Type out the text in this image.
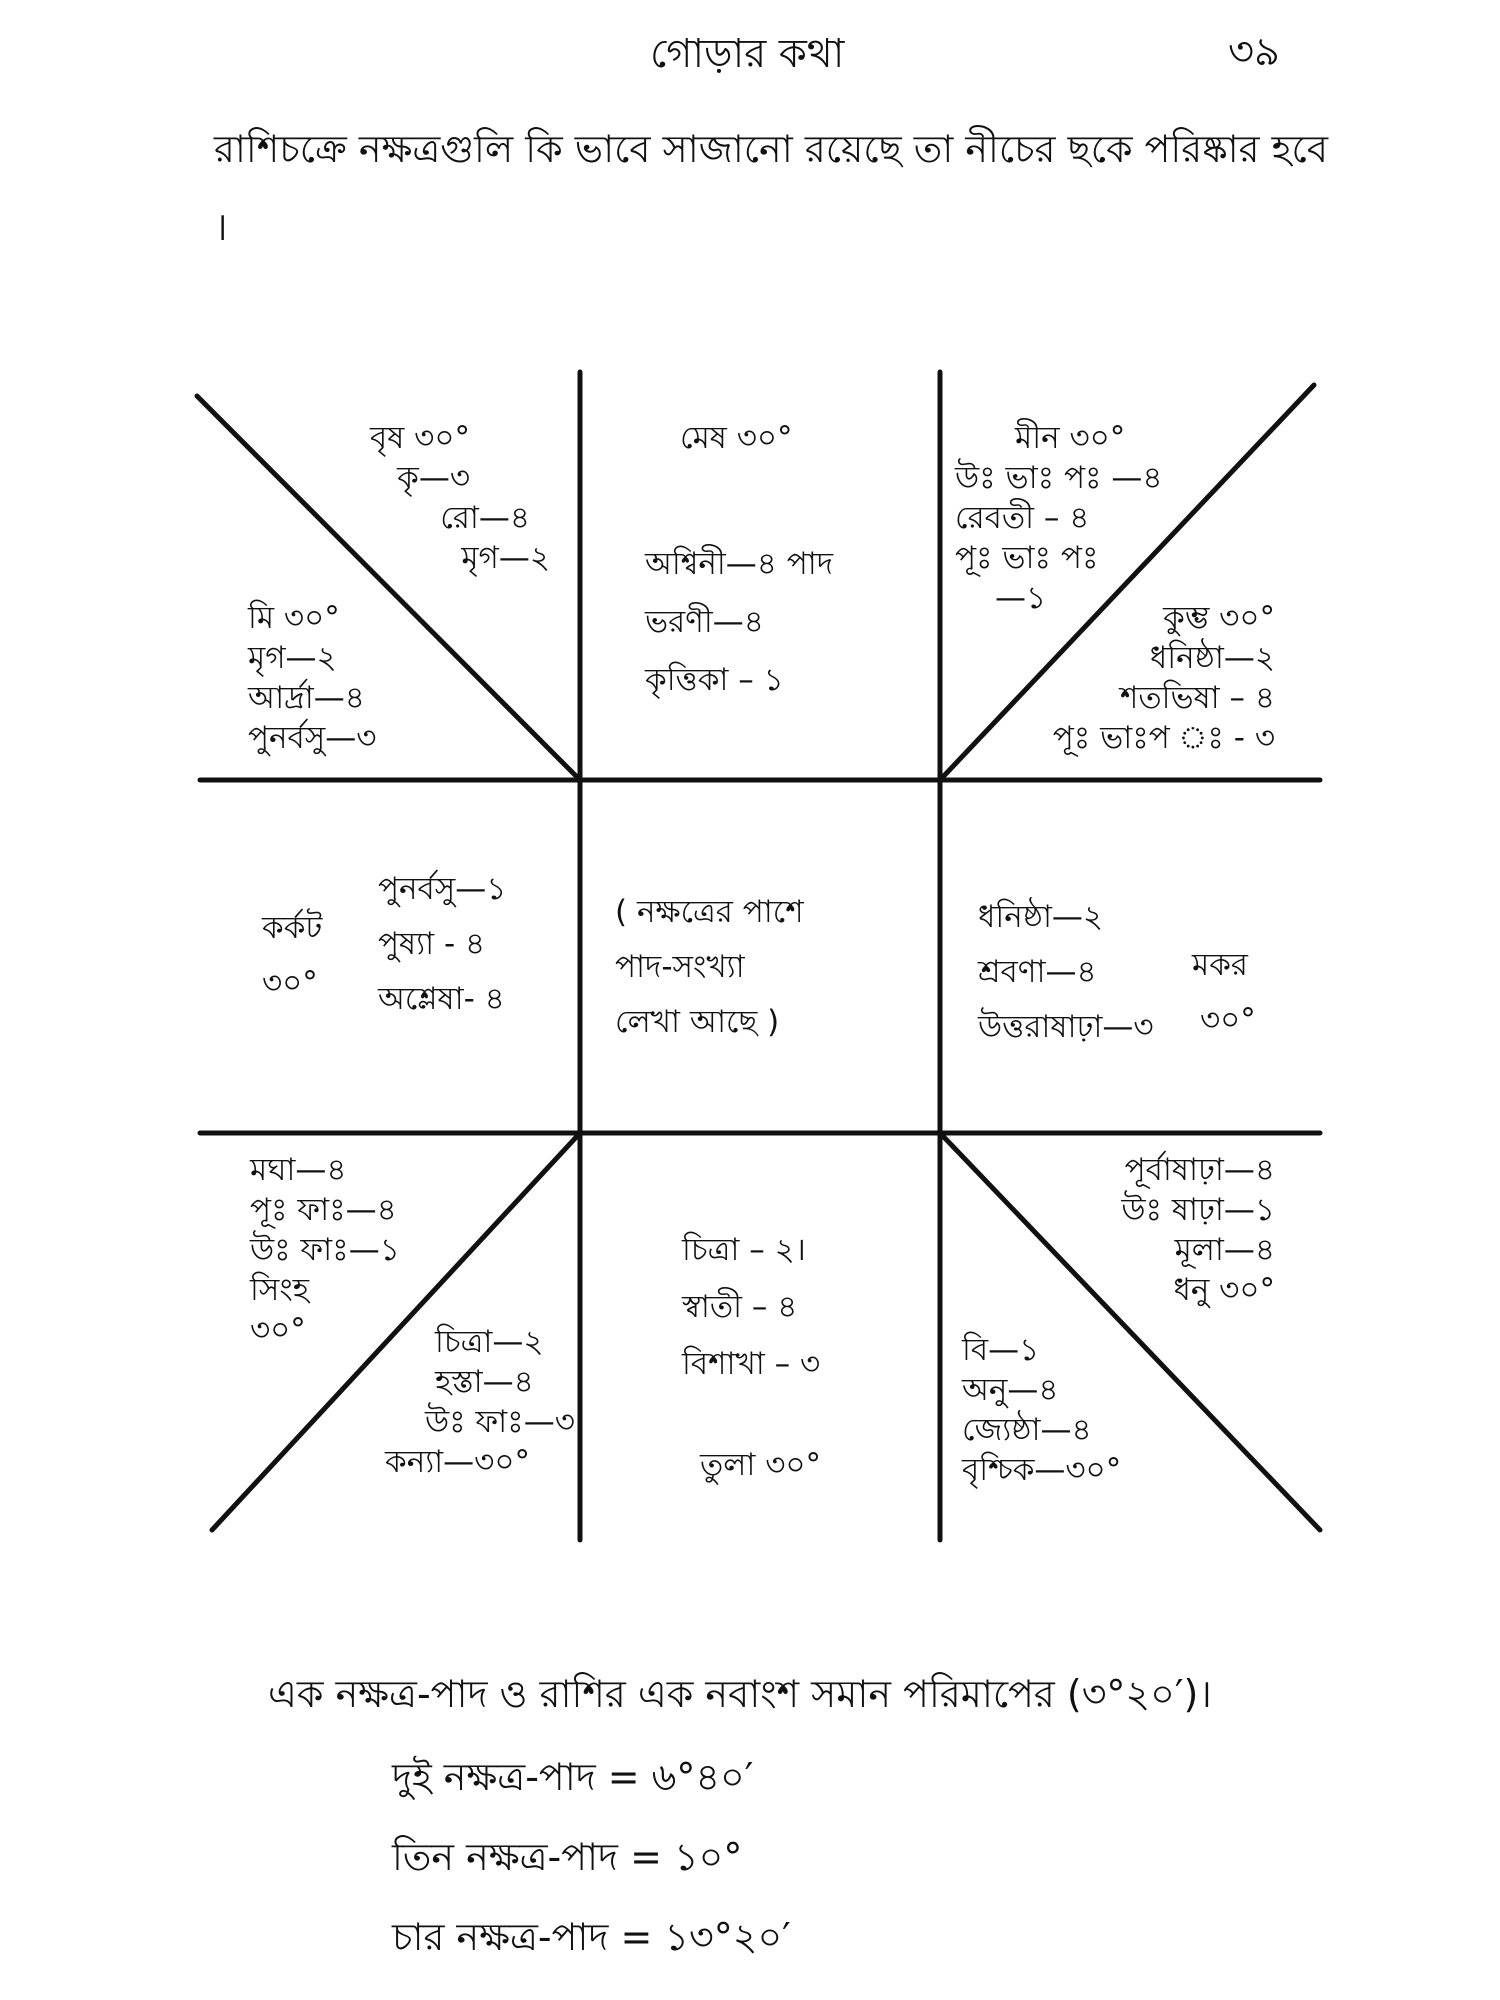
গোড়ার কথা	৩৯
রাশিচক্রে নক্ষত্রগুলি কি ভাবে সাজানো রয়েছে তা নীচের ছকে পরিষ্কার হবে ।
বৃষ ৩০°
কৃ—৩
রো—৪
মৃগ—২
মেষ ৩০°
অশ্বিনী—৪ পাদ
ভরণী—৪
কৃত্তিকা – ১
মীন ৩০°
উঃ ভাঃ পঃ —৪
রেবতী – ৪
পূঃ ভাঃ পঃ
—১
মি ৩০°
মৃগ—২
আর্দ্রা—৪
পুনর্বসু—৩
কুম্ভ ৩০°
ধনিষ্ঠা—২
শতভিষা – ৪
পূঃ ভাঃপ ঃ - ৩
কর্কট
৩০°
পুনর্বসু—১
পুষ্যা - ৪
অশ্লেষা- ৪
( নক্ষত্রের পাশে
পাদ-সংখ্যা
লেখা আছে )
ধনিষ্ঠা—২
শ্রবণা—৪
উত্তরাষাঢ়া—৩
মকর
৩০°
মঘা—৪
পূঃ ফাঃ—৪
উঃ ফাঃ—১
সিংহ
৩০°	চিত্রা—২
হস্তা—৪
উঃ ফাঃ—৩
কন্যা—৩০°
চিত্রা – ২।
স্বাতী – ৪
বিশাখা – ৩
তুলা ৩০°
পূর্বাষাঢ়া—৪
উঃ ষাঢ়া—১
মূলা—৪
ধনু ৩০°
বি—১
অনু—৪
জ্যেষ্ঠা—৪
বৃশ্চিক—৩০°
এক নক্ষত্র-পাদ ও রাশির এক নবাংশ সমান পরিমাপের (৩°২০′)।
দুই নক্ষত্র-পাদ = ৬°৪০′
তিন নক্ষত্র-পাদ = ১০°
চার নক্ষত্র-পাদ = ১৩°২০′
